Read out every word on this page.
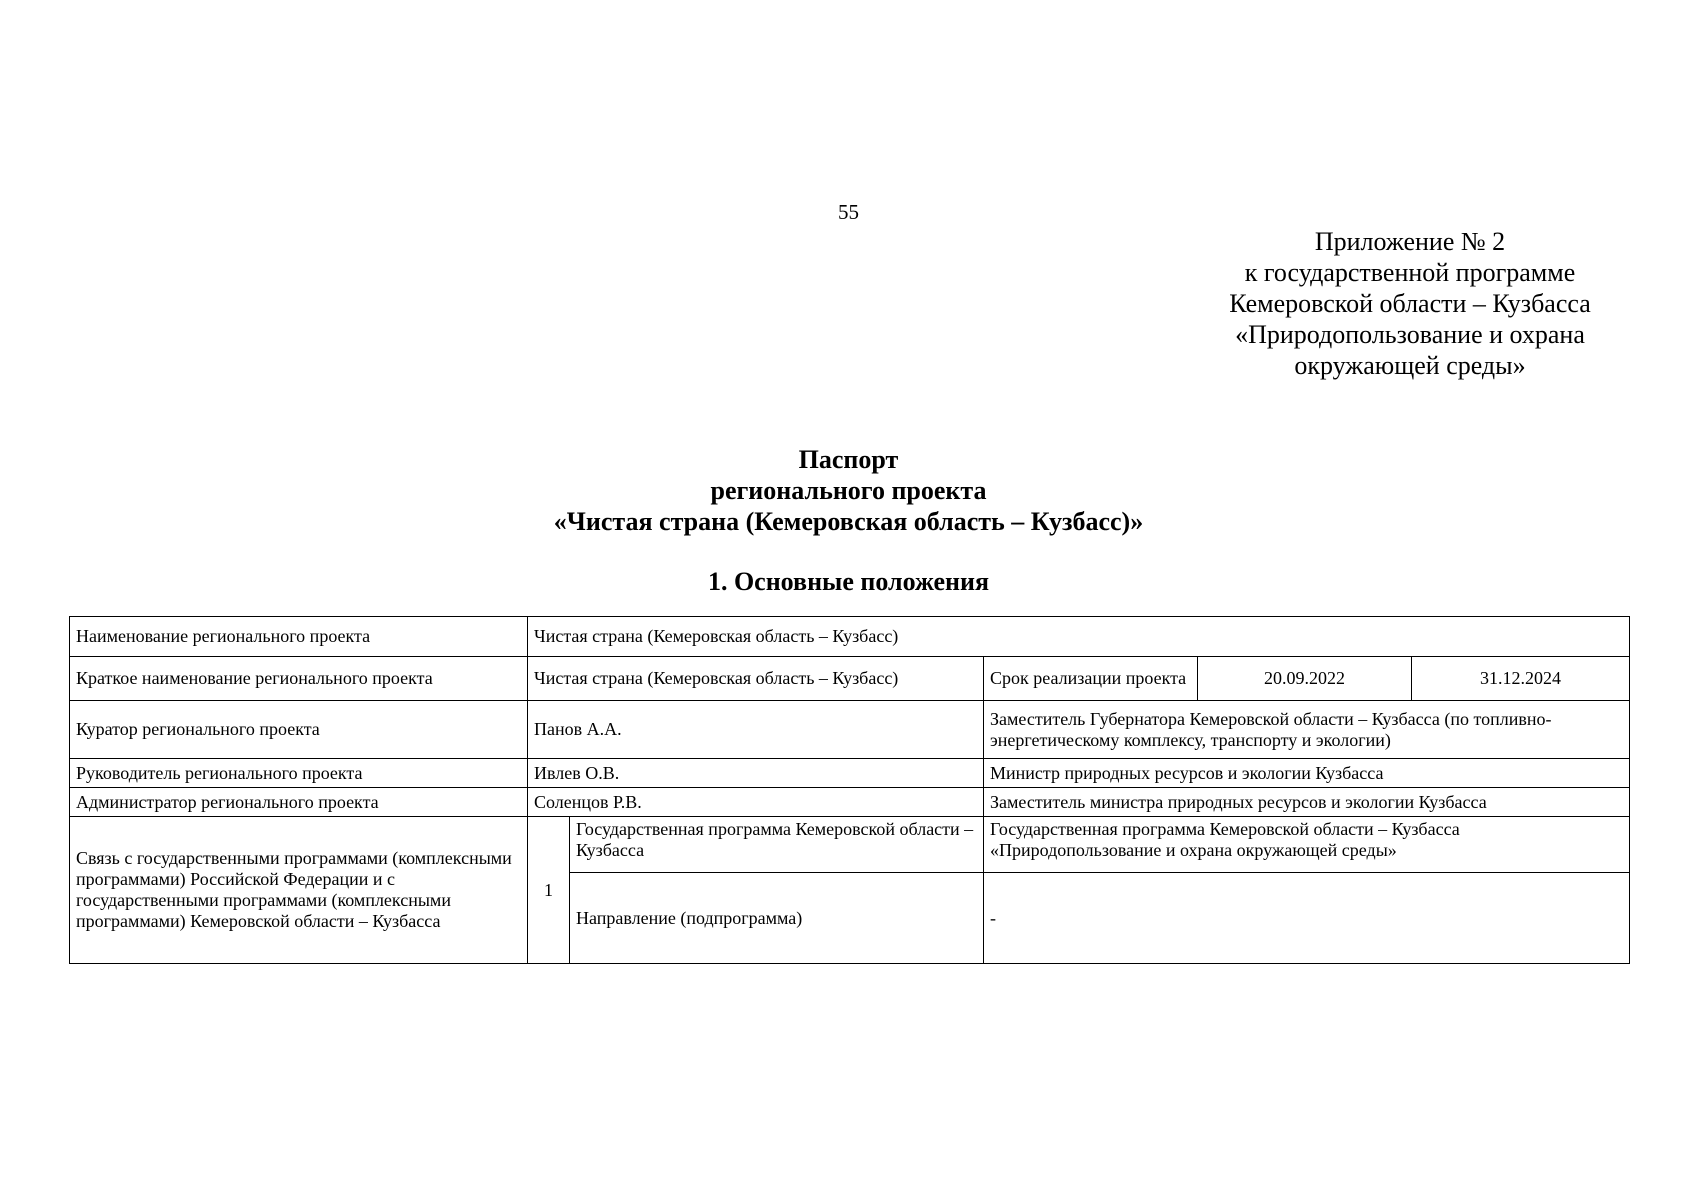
55
Приложение № 2
к государственной программе
Кемеровской области – Кузбасса
«Природопользование и охрана
окружающей среды»
Паспорт
регионального проекта
«Чистая страна (Кемеровская область – Кузбасс)»
1. Основные положения
Наименование регионального проекта	Чистая страна (Кемеровская область – Кузбасс)				
Краткое наименование регионального проекта	Чистая страна (Кемеровская область – Кузбасс)		Срок реализации проекта	20.09.2022	31.12.2024
Куратор регионального проекта	Панов А.А.		Заместитель Губернатора Кемеровской области – Кузбасса (по топливно-энергетическому комплексу, транспорту и экологии)		
Руководитель регионального проекта	Ивлев О.В.		Министр природных ресурсов и экологии Кузбасса		
Администратор регионального проекта	Соленцов Р.В.		Заместитель министра природных ресурсов и экологии Кузбасса		
Связь с государственными программами (комплексными программами) Российской Федерации и с государственными программами (комплексными программами) Кемеровской области – Кузбасса	1	Государственная программа Кемеровской области – Кузбасса	Государственная программа Кемеровской области – Кузбасса «Природопользование и охрана окружающей среды»		
		Направление (подпрограмма)	-		
